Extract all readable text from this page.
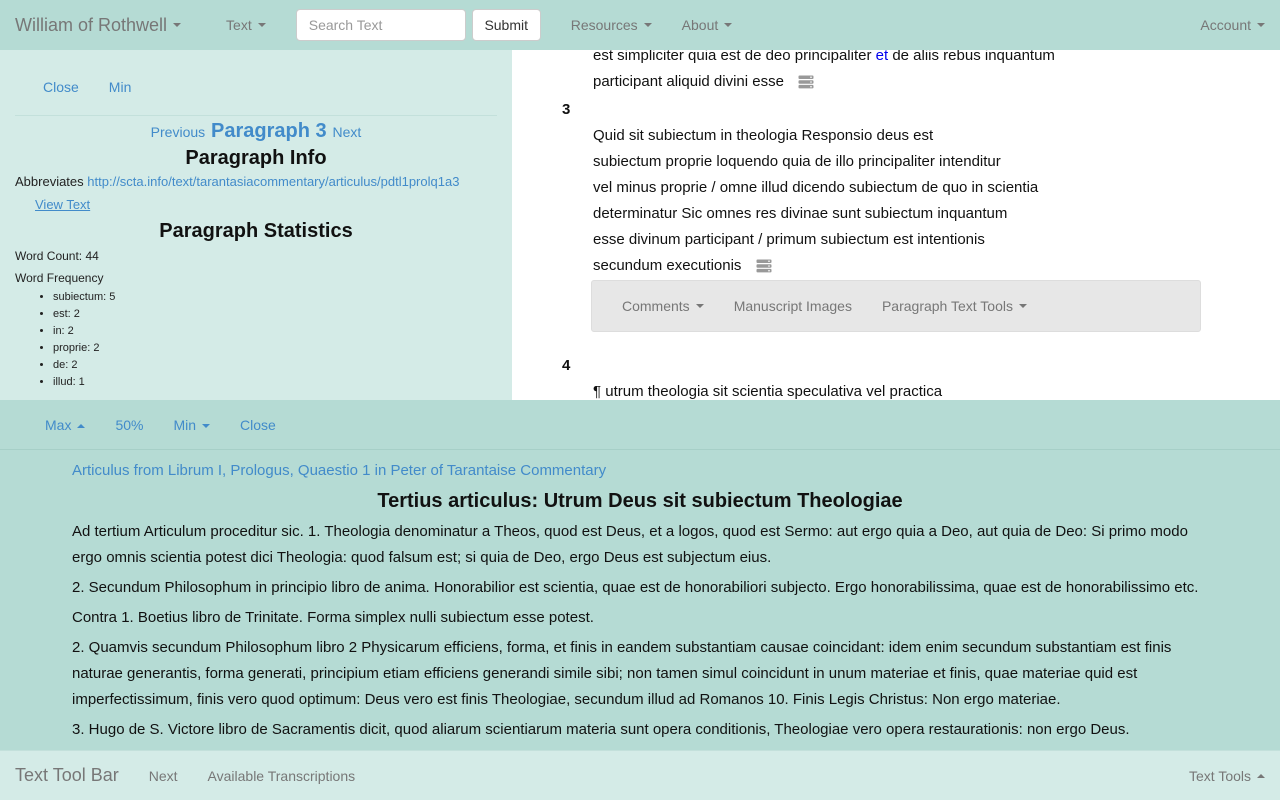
William of Rothwell	Text
Search Text	Submit	Resources	About	Account
Close Min
Previous Paragraph 3 Next
Paragraph Info
Abbreviates http://scta.info/text/tarantasiacommentary/articulus/pdtl1prolq1a3
View Text
Paragraph Statistics
Word Count: 44
Word Frequency
• subiectum: 5
• est: 2
• in: 2
• proprie: 2
• de: 2
• illud: 1
est simpliciter quia est de deo principaliter et de aliis rebus inquantum
participant aliquid divini esse
3
Quid sit subiectum in theologia Responsio deus est
subiectum proprie loquendo quia de illo principaliter intenditur
vel minus proprie / omne illud dicendo subiectum de quo in scientia
determinatur Sic omnes res divinae sunt subiectum inquantum
esse divinum participant / primum subiectum est intentionis
secundum executionis
Comments	Manuscript Images Paragraph Text Tools
4
¶ utrum theologia sit scientia speculativa vel practica
Max	50% Min	Close
Articulus from Librum I, Prologus, Quaestio 1 in Peter of Tarantaise Commentary
Tertius articulus: Utrum Deus sit subiectum Theologiae

Ad tertium Articulum proceditur sic. 1. Theologia denominatur a Theos, quod est Deus, et a logos, quod est Sermo: aut ergo quia a Deo, aut quia de Deo: Si primo modo ergo omnis scientia potest dici Theologia: quod falsum est; si quia de Deo, ergo Deus est subjectum eius.

2. Secundum Philosophum in principio libro de anima. Honorabilior est scientia, quae est de honorabiliori subjecto. Ergo honorabilissima, quae est de honorabilissimo etc.

Contra 1. Boetius libro de Trinitate. Forma simplex nulli subiectum esse potest.

2. Quamvis secundum Philosophum libro 2 Physicarum efficiens, forma, et finis in eandem substantiam causae coincidant: idem enim secundum substantiam est finis naturae generantis, forma generati, principium etiam efficiens generandi simile sibi; non tamen simul coincidunt in unum materiae et finis, quae materiae quid est imperfectissimum, finis vero quod optimum: Deus vero est finis Theologiae, secundum illud ad Romanos 10. Finis Legis Christus: Non ergo materiae.

3. Hugo de S. Victore libro de Sacramentis dicit, quod aliarum scientiarum materia sunt opera conditionis, Theologiae vero opera restaurationis: non ergo Deus.

Text Tool Bar	Next	Available Transcriptions	Text Tools
